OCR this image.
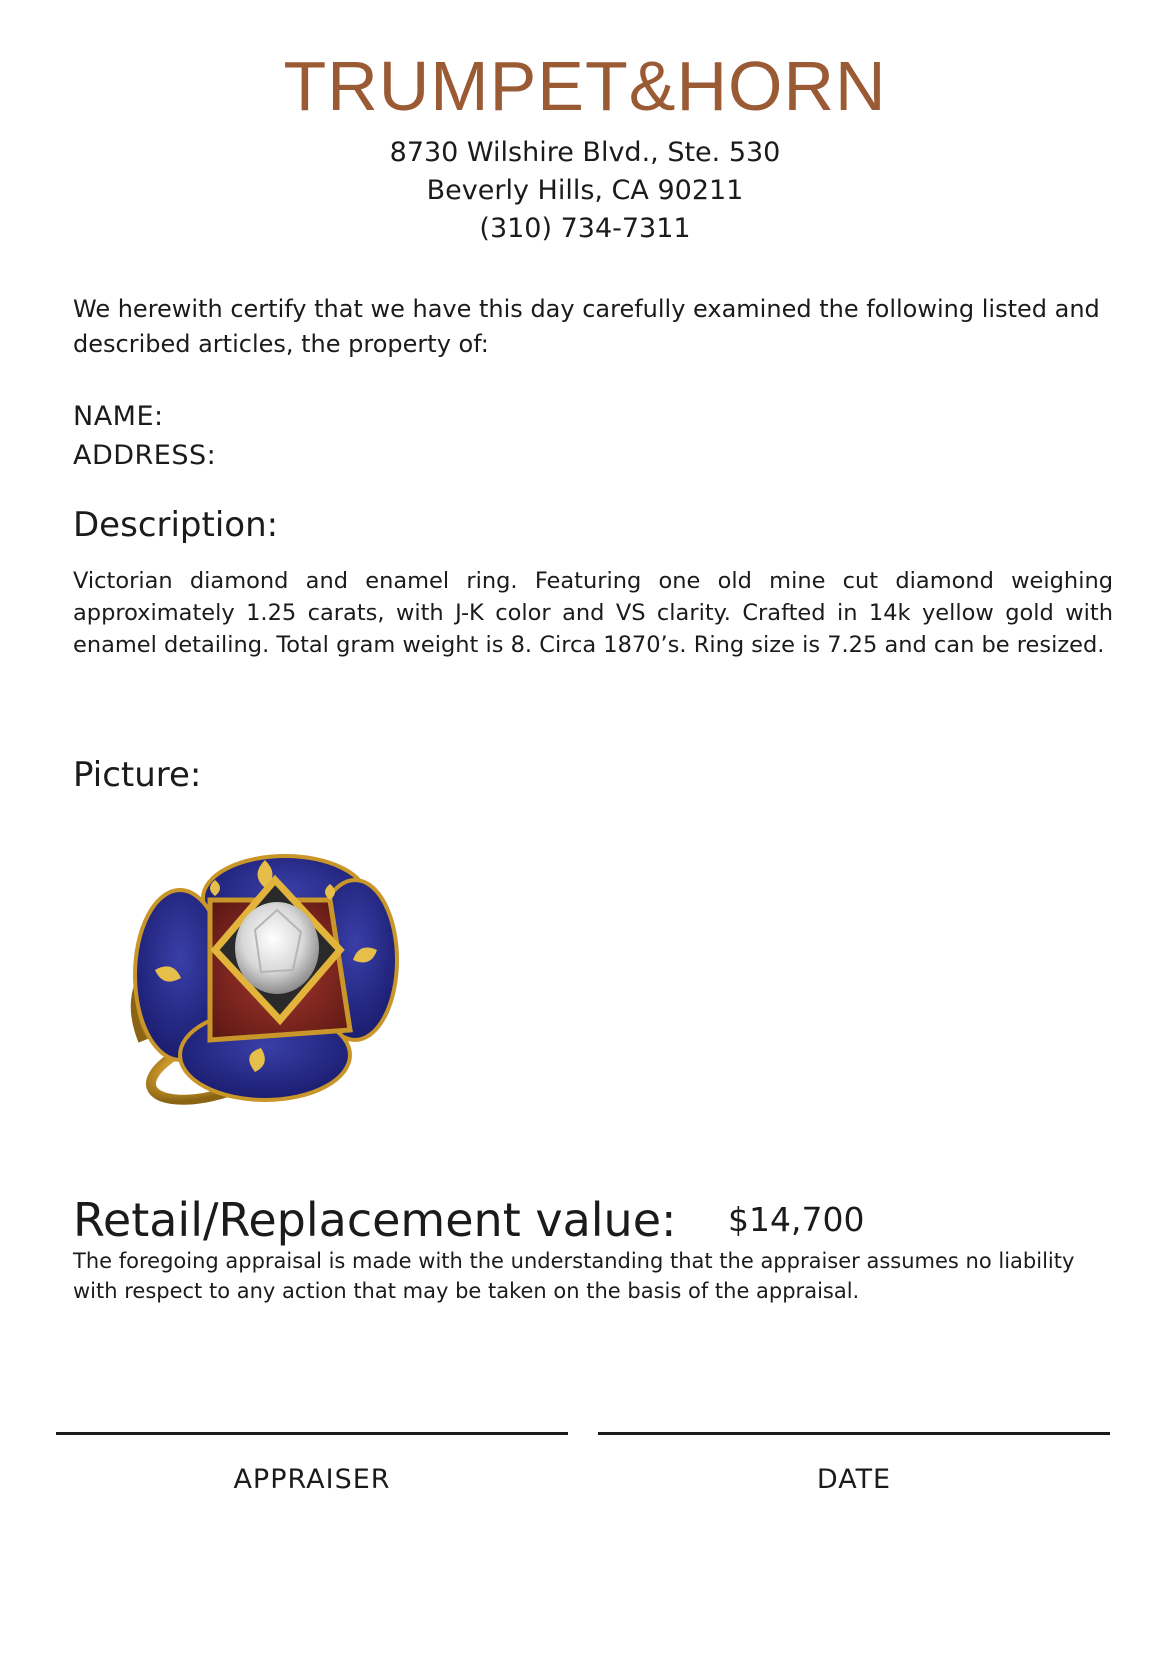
TRUMPET&HORN
8730 Wilshire Blvd., Ste. 530
Beverly Hills, CA 90211
(310) 734-7311
We herewith certify that we have this day carefully examined the following listed and described articles, the property of:
NAME:
ADDRESS:
Description:
Victorian diamond and enamel ring. Featuring one old mine cut diamond weighing approximately 1.25 carats, with J-K color and VS clarity. Crafted in 14k yellow gold with enamel detailing. Total gram weight is 8. Circa 1870’s. Ring size is 7.25 and can be resized.
Picture:
Retail/Replacement value: $14,700
The foregoing appraisal is made with the understanding that the appraiser assumes no liability with respect to any action that may be taken on the basis of the appraisal.
APPRAISER	DATE
